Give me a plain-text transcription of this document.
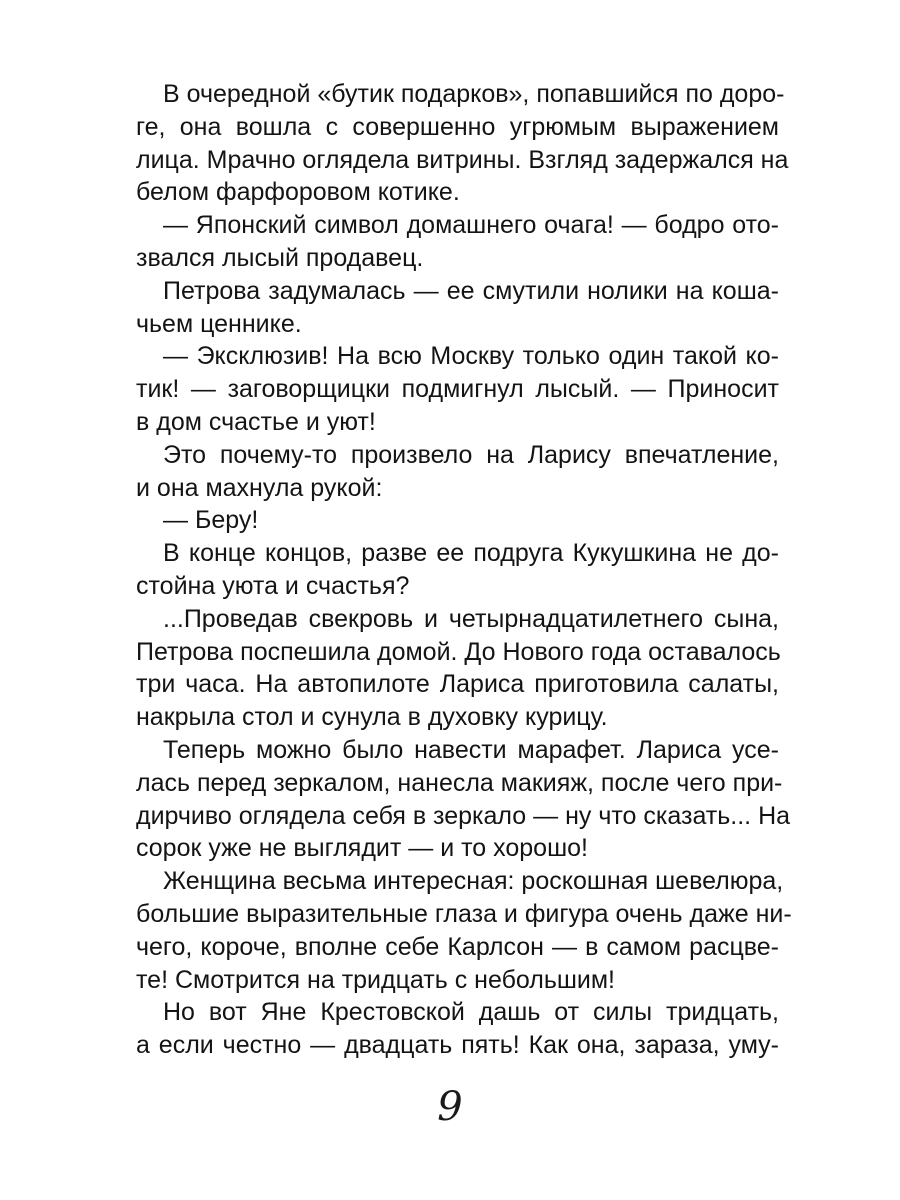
В очередной «бутик подарков», попавшийся по доро-
ге, она вошла с совершенно угрюмым выражением
лица. Мрачно оглядела витрины. Взгляд задержался на
белом фарфоровом котике.
— Японский символ домашнего очага! — бодро ото-
звался лысый продавец.
Петрова задумалась — ее смутили нолики на коша-
чьем ценнике.
— Эксклюзив! На всю Москву только один такой ко-
тик! — заговорщицки подмигнул лысый. — Приносит
в дом счастье и уют!
Это почему-то произвело на Ларису впечатление,
и она махнула рукой:
— Беру!
В конце концов, разве ее подруга Кукушкина не до-
стойна уюта и счастья?
...Проведав свекровь и четырнадцатилетнего сына,
Петрова поспешила домой. До Нового года оставалось
три часа. На автопилоте Лариса приготовила салаты,
накрыла стол и сунула в духовку курицу.
Теперь можно было навести марафет. Лариса усе-
лась перед зеркалом, нанесла макияж, после чего при-
дирчиво оглядела себя в зеркало — ну что сказать... На
сорок уже не выглядит — и то хорошо!
Женщина весьма интересная: роскошная шевелюра,
большие выразительные глаза и фигура очень даже ни-
чего, короче, вполне себе Карлсон — в самом расцве-
те! Смотрится на тридцать с небольшим!
Но вот Яне Крестовской дашь от силы тридцать,
а если честно — двадцать пять! Как она, зараза, уму-
9
